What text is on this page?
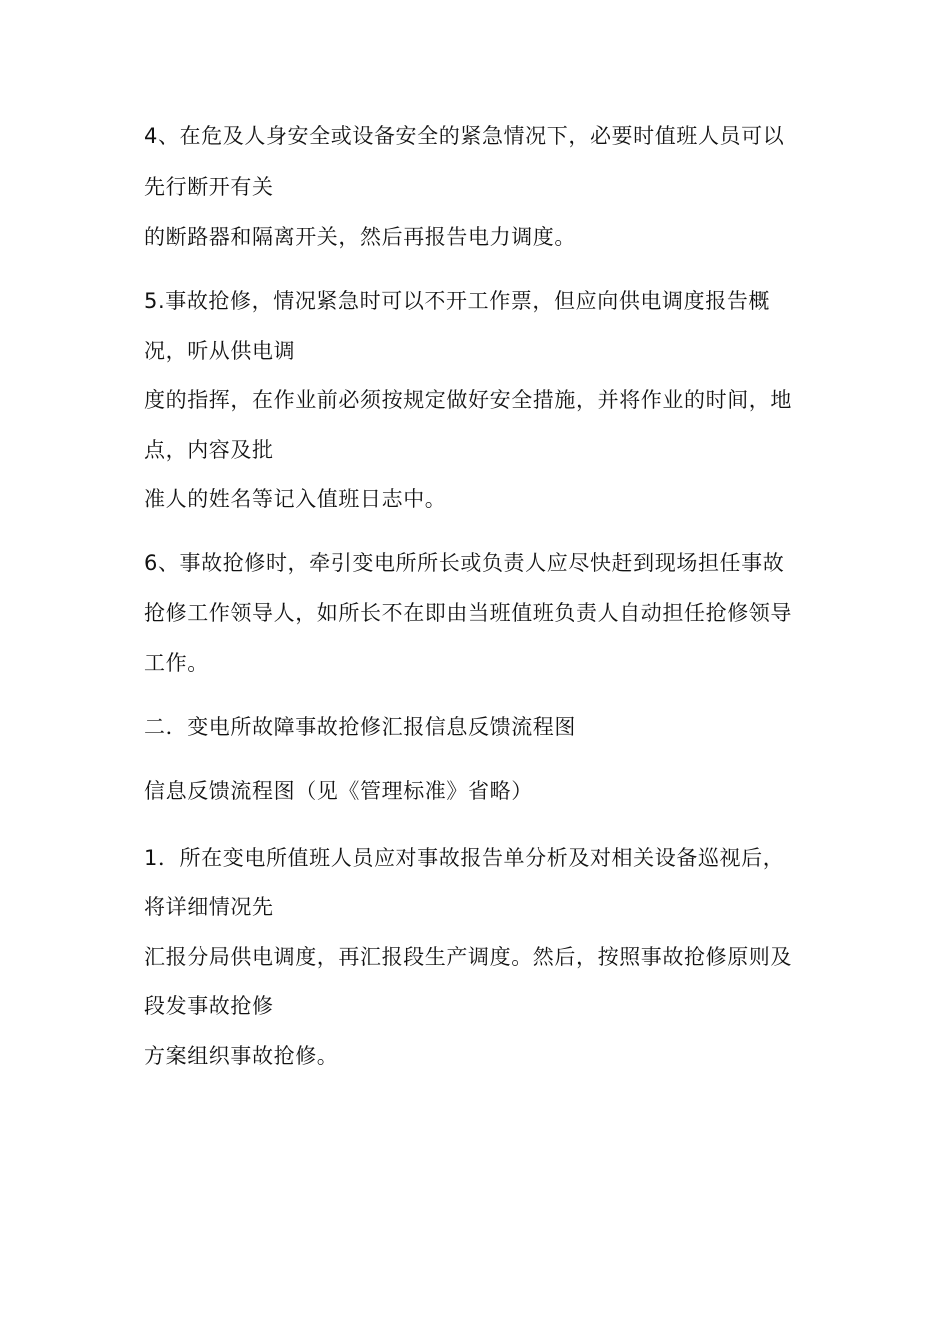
4、在危及人身安全或设备安全的紧急情况下，必要时值班人员可以
先行断开有关
的断路器和隔离开关，然后再报告电力调度。
5.事故抢修，情况紧急时可以不开工作票，但应向供电调度报告概
况，听从供电调
度的指挥，在作业前必须按规定做好安全措施，并将作业的时间，地
点，内容及批
准人的姓名等记入值班日志中。
6、事故抢修时，牵引变电所所长或负责人应尽快赶到现场担任事故
抢修工作领导人，如所长不在即由当班值班负责人自动担任抢修领导
工作。
二．变电所故障事故抢修汇报信息反馈流程图
信息反馈流程图（见《管理标准》省略）
1．所在变电所值班人员应对事故报告单分析及对相关设备巡视后，
将详细情况先
汇报分局供电调度，再汇报段生产调度。然后，按照事故抢修原则及
段发事故抢修
方案组织事故抢修。
